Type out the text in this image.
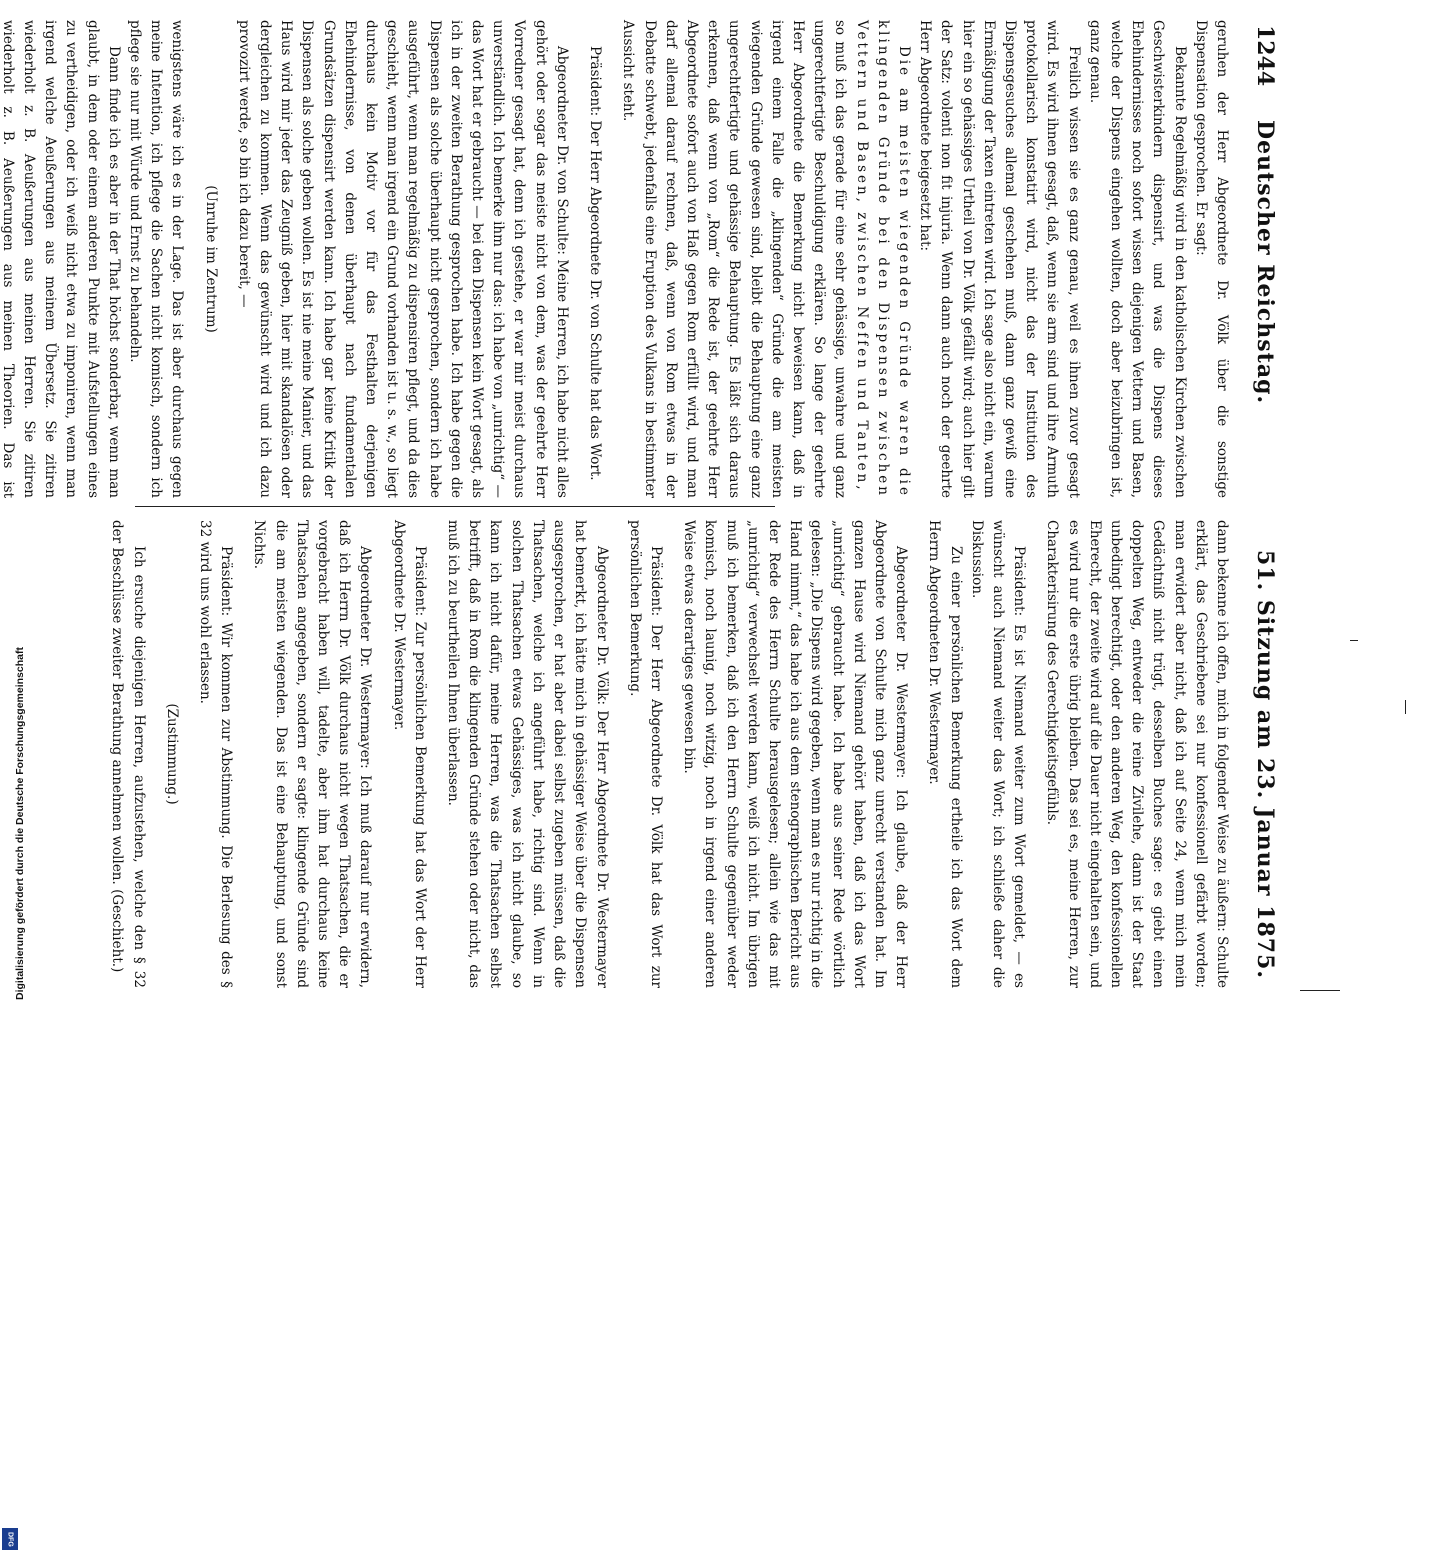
1244
Deutscher Reichstag.
51. Sitzung am 23. Januar 1875.

geruhen der Herr Abgeordnete Dr. Völk über die sonstige Dispensation gesprochen. Er sagt:

Bekannte Regelmäßig wird in den katholischen Kirchen zwischen Geschwisterkindern dispensirt, und was die Dispens dieses Ehehindernisses noch sofort wissen diejenigen Vettern und Basen, welche der Dispens eingehen wollten, doch aber beizubringen ist, ganz genau.

Freilich wissen sie es ganz genau, weil es ihnen zuvor gesagt wird. Es wird ihnen gesagt, daß, wenn sie arm sind und ihre Armuth protokollarisch konstatirt wird, nicht das der Institution des Dispensgesuches allemal geschehen muß, dann ganz gewiß eine Ermäßigung der Taxen eintreten wird. Ich sage also nicht ein, warum hier ein so gehässiges Urtheil von Dr. Völk gefällt wird; auch hier gilt der Satz: volenti non fit injuria. Wenn dann auch noch der geehrte Herr Abgeordnete beigesetzt hat:

Die am meisten wiegenden Gründe waren die klingenden Gründe bei den Dispensen zwischen Vettern und Basen, zwischen Neffen und Tanten,

so muß ich das gerade für eine sehr gehässige, unwahre und ganz ungerechtfertigte Beschuldigung erklären. So lange der geehrte Herr Abgeordnete die Bemerkung nicht beweisen kann, daß in irgend einem Falle die „klingenden“ Gründe die am meisten wiegenden Gründe gewesen sind, bleibt die Behauptung eine ganz ungerechtfertigte und gehässige Behauptung. Es läßt sich daraus erkennen, daß wenn von „Rom“ die Rede ist, der geehrte Herr Abgeordnete sofort auch von Haß gegen Rom erfüllt wird, und man darf allemal darauf rechnen, daß, wenn von Rom etwas in der Debatte schwebt, jedenfalls eine Eruption des Vulkans in bestimmter Aussicht steht.

Präsident: Der Herr Abgeordnete Dr. von Schulte hat das Wort.

Abgeordneter Dr. von Schulte: Meine Herren, ich habe nicht alles gehört oder sogar das meiste nicht von dem, was der geehrte Herr Vorredner gesagt hat, denn ich gestehe, er war mir meist durchaus unverständlich. Ich bemerke ihm nur das: ich habe von „unrichtig“ — das Wort hat er gebraucht — bei den Dispensen kein Wort gesagt, als ich in der zweiten Berathung gesprochen habe. Ich habe gegen die Dispensen als solche überhaupt nicht gesprochen, sondern ich habe ausgeführt, wenn man regelmäßig zu dispensiren pflegt, und da dies geschieht, wenn man irgend ein Grund vorhanden ist u. s. w., so liegt durchaus kein Motiv vor für das Festhalten derjenigen Ehehindernisse, von denen überhaupt nach fundamentalen Grundsätzen dispensirt werden kann. Ich habe gar keine Kritik der Dispensen als solche geben wollen. Es ist nie meine Manier, und das Haus wird mir jeder das Zeugniß geben, hier mit skandalösen oder dergleichen zu kommen. Wenn das gewünscht wird und ich dazu provozirt werde, so bin ich dazu bereit, —

(Unruhe im Zentrum)

wenigstens wäre ich es in der Lage. Das ist aber durchaus gegen meine Intention, ich pflege die Sachen nicht komisch, sondern ich pflege sie nur mit Würde und Ernst zu behandeln.

Dann finde ich es aber in der That höchst sonderbar, wenn man glaubt, in dem oder einem anderen Punkte mit Aufstellungen eines zu vertheidigen, oder ich weiß nicht etwa zu imponiren, wenn man irgend welche Aeußerungen aus meinem Übersetz. Sie zitiren wiederholt z. B. Aeußerungen aus meinen Herren. Sie zitiren wiederholt z. B. Aeußerungen aus meinen Theorien. Das ist

dann bekenne ich offen, mich in folgender Weise zu äußern: Schulte erklärt, das Geschriebene sei nur konfessionell gefärbt worden; man erwidert aber nicht, daß ich auf Seite 24, wenn mich mein Gedächtniß nicht trügt, desselben Buches sage: es giebt einen doppelten Weg, entweder die reine Zivilehe, dann ist der Staat unbedingt berechtigt, oder den anderen Weg, den konfessionellen Eherecht, der zweite wird auf die Dauer nicht eingehalten sein, und es wird nur die erste übrig bleiben. Das sei es, meine Herren, zur Charakterisirung des Gerechtigkeitsgefühls.

Präsident: Es ist Niemand weiter zum Wort gemeldet, — es wünscht auch Niemand weiter das Wort; ich schließe daher die Diskussion.

Zu einer persönlichen Bemerkung ertheile ich das Wort dem Herrn Abgeordneten Dr. Westermayer.

Abgeordneter Dr. Westermayer: Ich glaube, daß der Herr Abgeordnete von Schulte mich ganz unrecht verstanden hat. Im ganzen Hause wird Niemand gehört haben, daß ich das Wort „unrichtig“ gebraucht habe. Ich habe aus seiner Rede wörtlich gelesen: „Die Dispens wird gegeben, wenn man es nur richtig in die Hand nimmt,“ das habe ich aus dem stenographischen Bericht aus der Rede des Herrn Schulte herausgelesen; allein wie das mit „unrichtig“ verwechselt werden kann, weiß ich nicht. Im übrigen muß ich bemerken, daß ich den Herrn Schulte gegenüber weder komisch, noch launig, noch witzig, noch in irgend einer anderen Weise etwas derartiges gewesen bin.

Präsident: Der Herr Abgeordnete Dr. Völk hat das Wort zur persönlichen Bemerkung.

Abgeordneter Dr. Völk: Der Herr Abgeordnete Dr. Westermayer hat bemerkt, ich hätte mich in gehässiger Weise über die Dispensen ausgesprochen, er hat aber dabei selbst zugeben müssen, daß die Thatsachen, welche ich angeführt habe, richtig sind. Wenn in solchen Thatsachen etwas Gehässiges, was ich nicht glaube, so kann ich nicht dafür, meine Herren, was die Thatsachen selbst betrifft, daß in Rom die klingenden Gründe stehen oder nicht, das muß ich zu beurtheilen Ihnen überlassen.

Präsident: Zur persönlichen Bemerkung hat das Wort der Herr Abgeordnete Dr. Westermayer.

Abgeordneter Dr. Westermayer: Ich muß darauf nur erwidern, daß ich Herrn Dr. Völk durchaus nicht wegen Thatsachen, die er vorgebracht haben will, tadelte, aber ihm hat durchaus keine Thatsachen angegeben, sondern er sagte: klingende Gründe sind die am meisten wiegenden. Das ist eine Behauptung, und sonst Nichts.

Präsident: Wir kommen zur Abstimmung. Die Berlesung des § 32 wird uns wohl erlassen.

(Zustimmung.)

Ich ersuche diejenigen Herren, aufzustehen, welche den § 32 der Beschlüsse zweiter Berathung annehmen wollen. (Geschieht.)

Digitalisierung gefördert durch die Deutsche Forschungsgemeinschaft
DFG
